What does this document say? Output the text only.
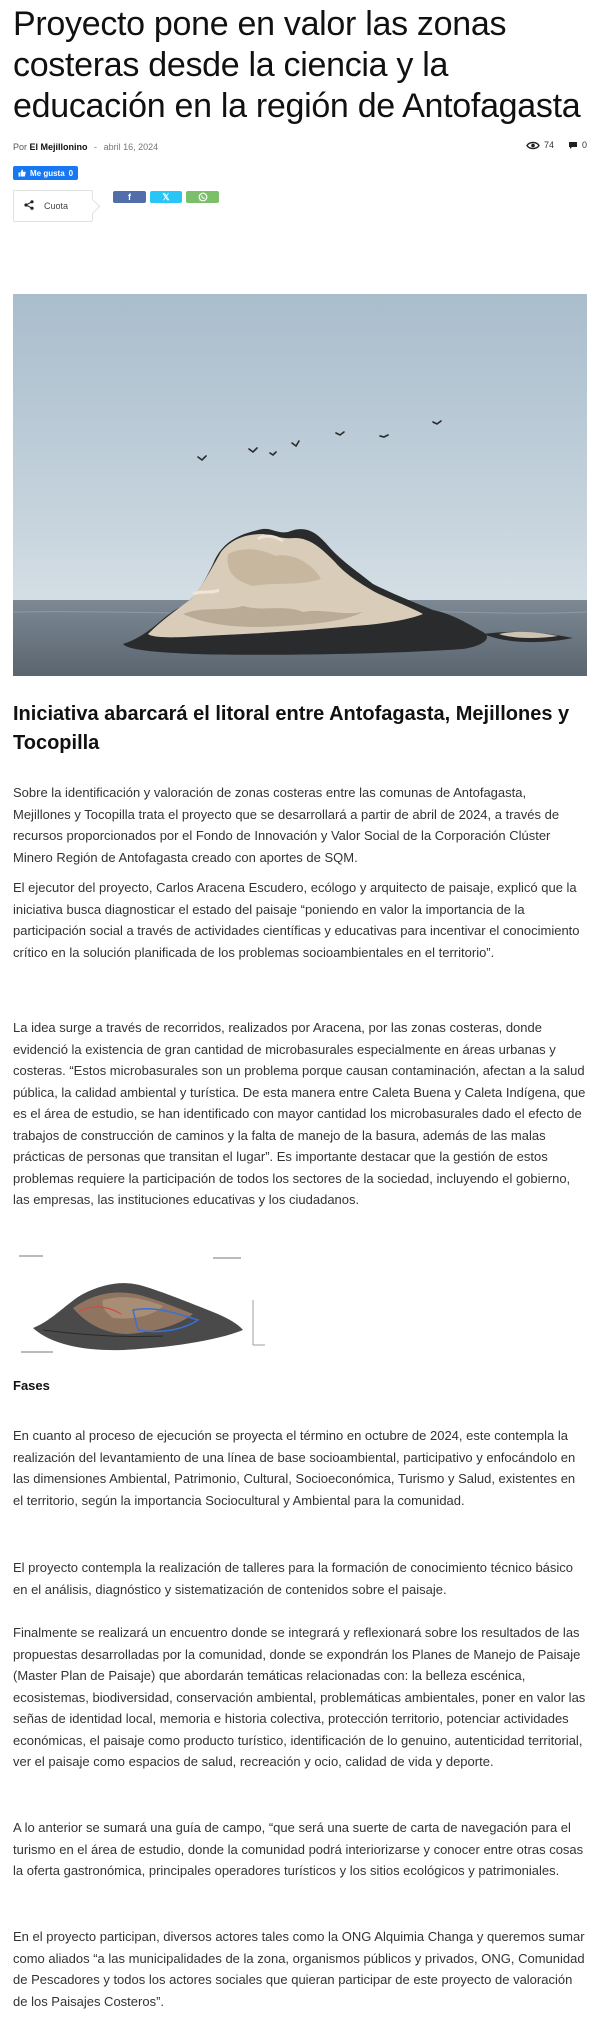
Proyecto pone en valor las zonas costeras desde la ciencia y la educación en la región de Antofagasta
Por El Mejillonino - abril 16, 2024	74	0
Me gusta 0
Cuota
f	𝕏
Iniciativa abarcará el litoral entre Antofagasta, Mejillones y Tocopilla

Sobre la identificación y valoración de zonas costeras entre las comunas de Antofagasta, Mejillones y Tocopilla trata el proyecto que se desarrollará a partir de abril de 2024, a través de recursos proporcionados por el Fondo de Innovación y Valor Social de la Corporación Clúster Minero Región de Antofagasta creado con aportes de SQM.

El ejecutor del proyecto, Carlos Aracena Escudero, ecólogo y arquitecto de paisaje, explicó que la iniciativa busca diagnosticar el estado del paisaje “poniendo en valor la importancia de la participación social a través de actividades científicas y educativas para incentivar el conocimiento crítico en la solución planificada de los problemas socioambientales en el territorio”.

La idea surge a través de recorridos, realizados por Aracena, por las zonas costeras, donde evidenció la existencia de gran cantidad de microbasurales especialmente en áreas urbanas y costeras. “Estos microbasurales son un problema porque causan contaminación, afectan a la salud pública, la calidad ambiental y turística. De esta manera entre Caleta Buena y Caleta Indígena, que es el área de estudio, se han identificado con mayor cantidad los microbasurales dado el efecto de trabajos de construcción de caminos y la falta de manejo de la basura, además de las malas prácticas de personas que transitan el lugar”. Es importante destacar que la gestión de estos problemas requiere la participación de todos los sectores de la sociedad, incluyendo el gobierno, las empresas, las instituciones educativas y los ciudadanos.

Fases

En cuanto al proceso de ejecución se proyecta el término en octubre de 2024, este contempla la realización del levantamiento de una línea de base socioambiental, participativo y enfocándolo en las dimensiones Ambiental, Patrimonio, Cultural, Socioeconómica, Turismo y Salud, existentes en el territorio, según la importancia Sociocultural y Ambiental para la comunidad.

El proyecto contempla la realización de talleres para la formación de conocimiento técnico básico en el análisis, diagnóstico y sistematización de contenidos sobre el paisaje.

Finalmente se realizará un encuentro donde se integrará y reflexionará sobre los resultados de las propuestas desarrolladas por la comunidad, donde se expondrán los Planes de Manejo de Paisaje (Master Plan de Paisaje) que abordarán temáticas relacionadas con: la belleza escénica, ecosistemas, biodiversidad, conservación ambiental, problemáticas ambientales, poner en valor las señas de identidad local, memoria e historia colectiva, protección territorio, potenciar actividades económicas, el paisaje como producto turístico, identificación de lo genuino, autenticidad territorial, ver el paisaje como espacios de salud, recreación y ocio, calidad de vida y deporte.

A lo anterior se sumará una guía de campo, “que será una suerte de carta de navegación para el turismo en el área de estudio, donde la comunidad podrá interiorizarse y conocer entre otras cosas la oferta gastronómica, principales operadores turísticos y los sitios ecológicos y patrimoniales.

En el proyecto participan, diversos actores tales como la ONG Alquimia Changa y queremos sumar como aliados “a las municipalidades de la zona, organismos públicos y privados, ONG, Comunidad de Pescadores y todos los actores sociales que quieran participar de este proyecto de valoración de los Paisajes Costeros”.
